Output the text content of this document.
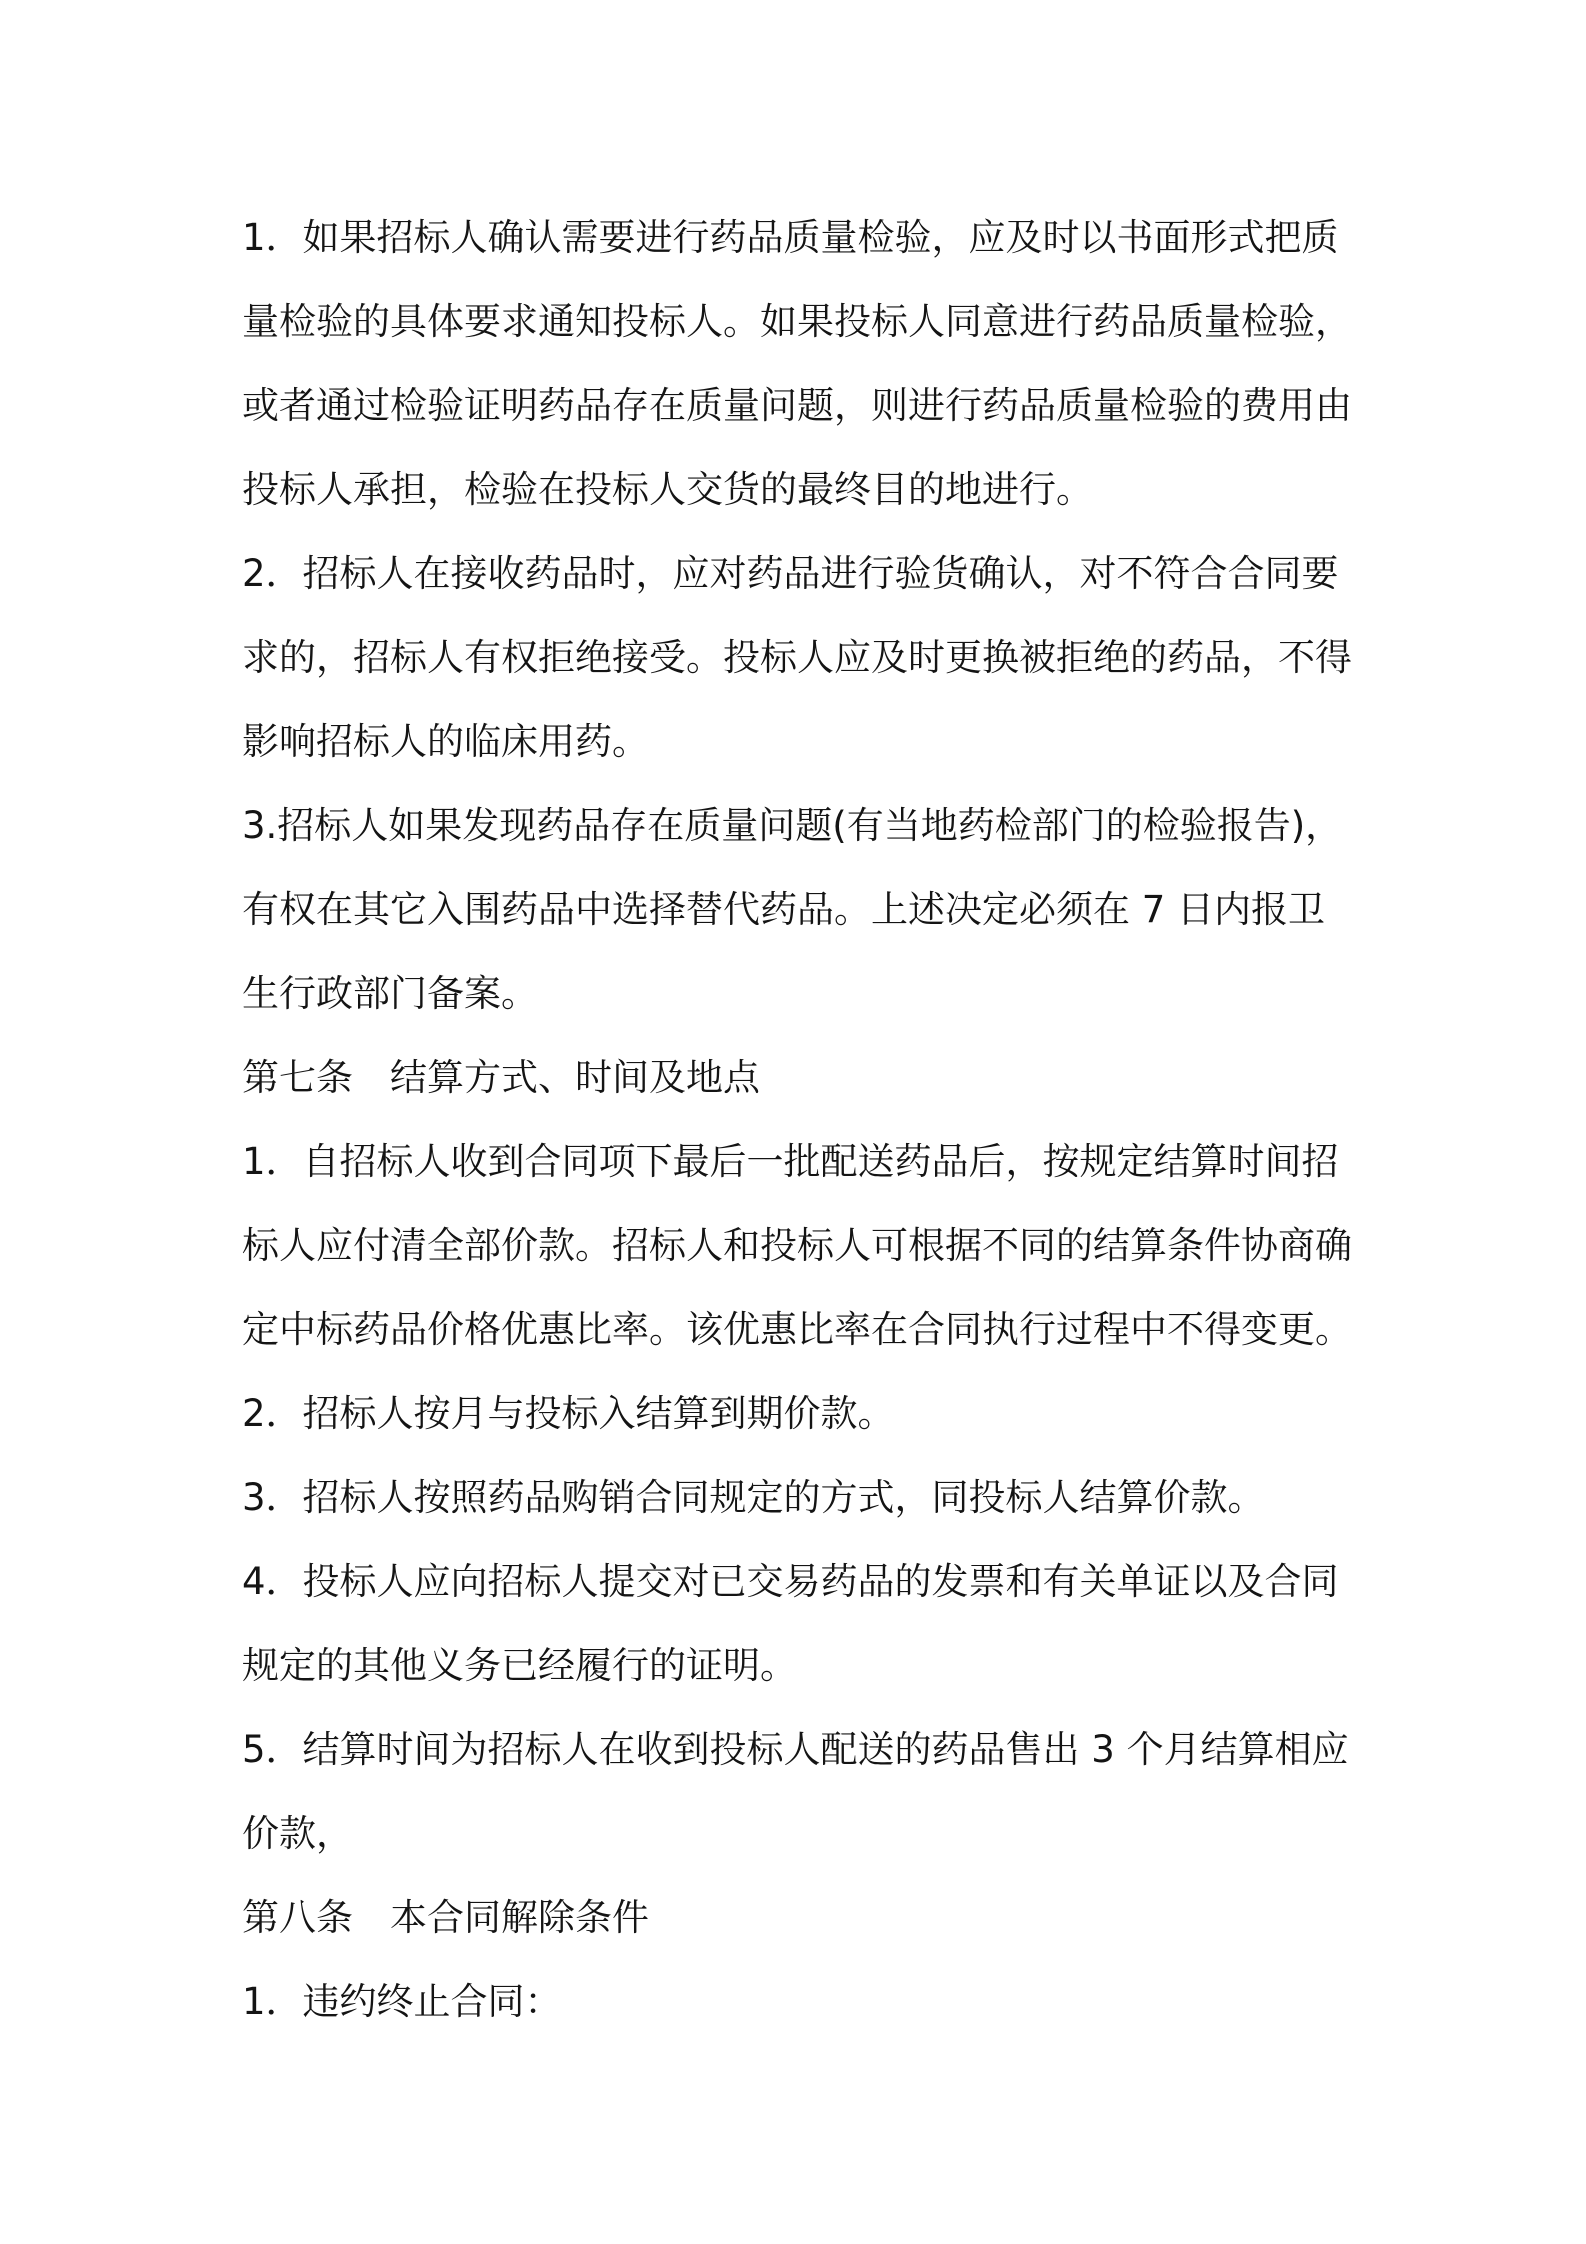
1．如果招标人确认需要进行药品质量检验，应及时以书面形式把质量检验的具体要求通知投标人。如果投标人同意进行药品质量检验，或者通过检验证明药品存在质量问题，则进行药品质量检验的费用由投标人承担，检验在投标人交货的最终目的地进行。

2．招标人在接收药品时，应对药品进行验货确认，对不符合合同要求的，招标人有权拒绝接受。投标人应及时更换被拒绝的药品，不得影响招标人的临床用药。

3.招标人如果发现药品存在质量问题(有当地药检部门的检验报告)，有权在其它入围药品中选择替代药品。上述决定必须在 7 日内报卫生行政部门备案。

第七条　结算方式、时间及地点

1．自招标人收到合同项下最后一批配送药品后，按规定结算时间招标人应付清全部价款。招标人和投标人可根据不同的结算条件协商确定中标药品价格优惠比率。该优惠比率在合同执行过程中不得变更。

2．招标人按月与投标入结算到期价款。

3．招标人按照药品购销合同规定的方式，同投标人结算价款。

4．投标人应向招标人提交对已交易药品的发票和有关单证以及合同规定的其他义务已经履行的证明。

5．结算时间为招标人在收到投标人配送的药品售出 3 个月结算相应价款，

第八条　本合同解除条件

1．违约终止合同：
